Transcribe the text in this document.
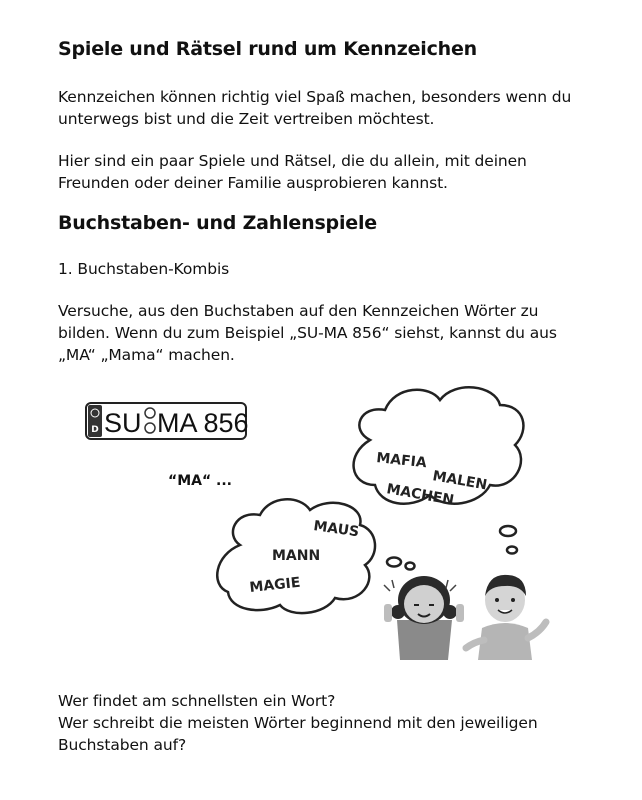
Spiele und Rätsel rund um Kennzeichen

Kennzeichen können richtig viel Spaß machen, besonders wenn du unterwegs bist und die Zeit vertreiben möchtest.

Hier sind ein paar Spiele und Rätsel, die du allein, mit deinen Freunden oder deiner Familie ausprobieren kannst.

Buchstaben- und Zahlenspiele

1. Buchstaben-Kombis

Versuche, aus den Buchstaben auf den Kennzeichen Wörter zu bilden. Wenn du zum Beispiel „SU-MA 856“ siehst, kannst du aus „MA“ „Mama“ machen.

Wer findet am schnellsten ein Wort?
Wer schreibt die meisten Wörter beginnend mit den jeweiligen Buchstaben auf?

D SU MA 856
“MA“ ...
MAFIA
MALEN
MACHEN
MAUS
MANN
MAGIE
